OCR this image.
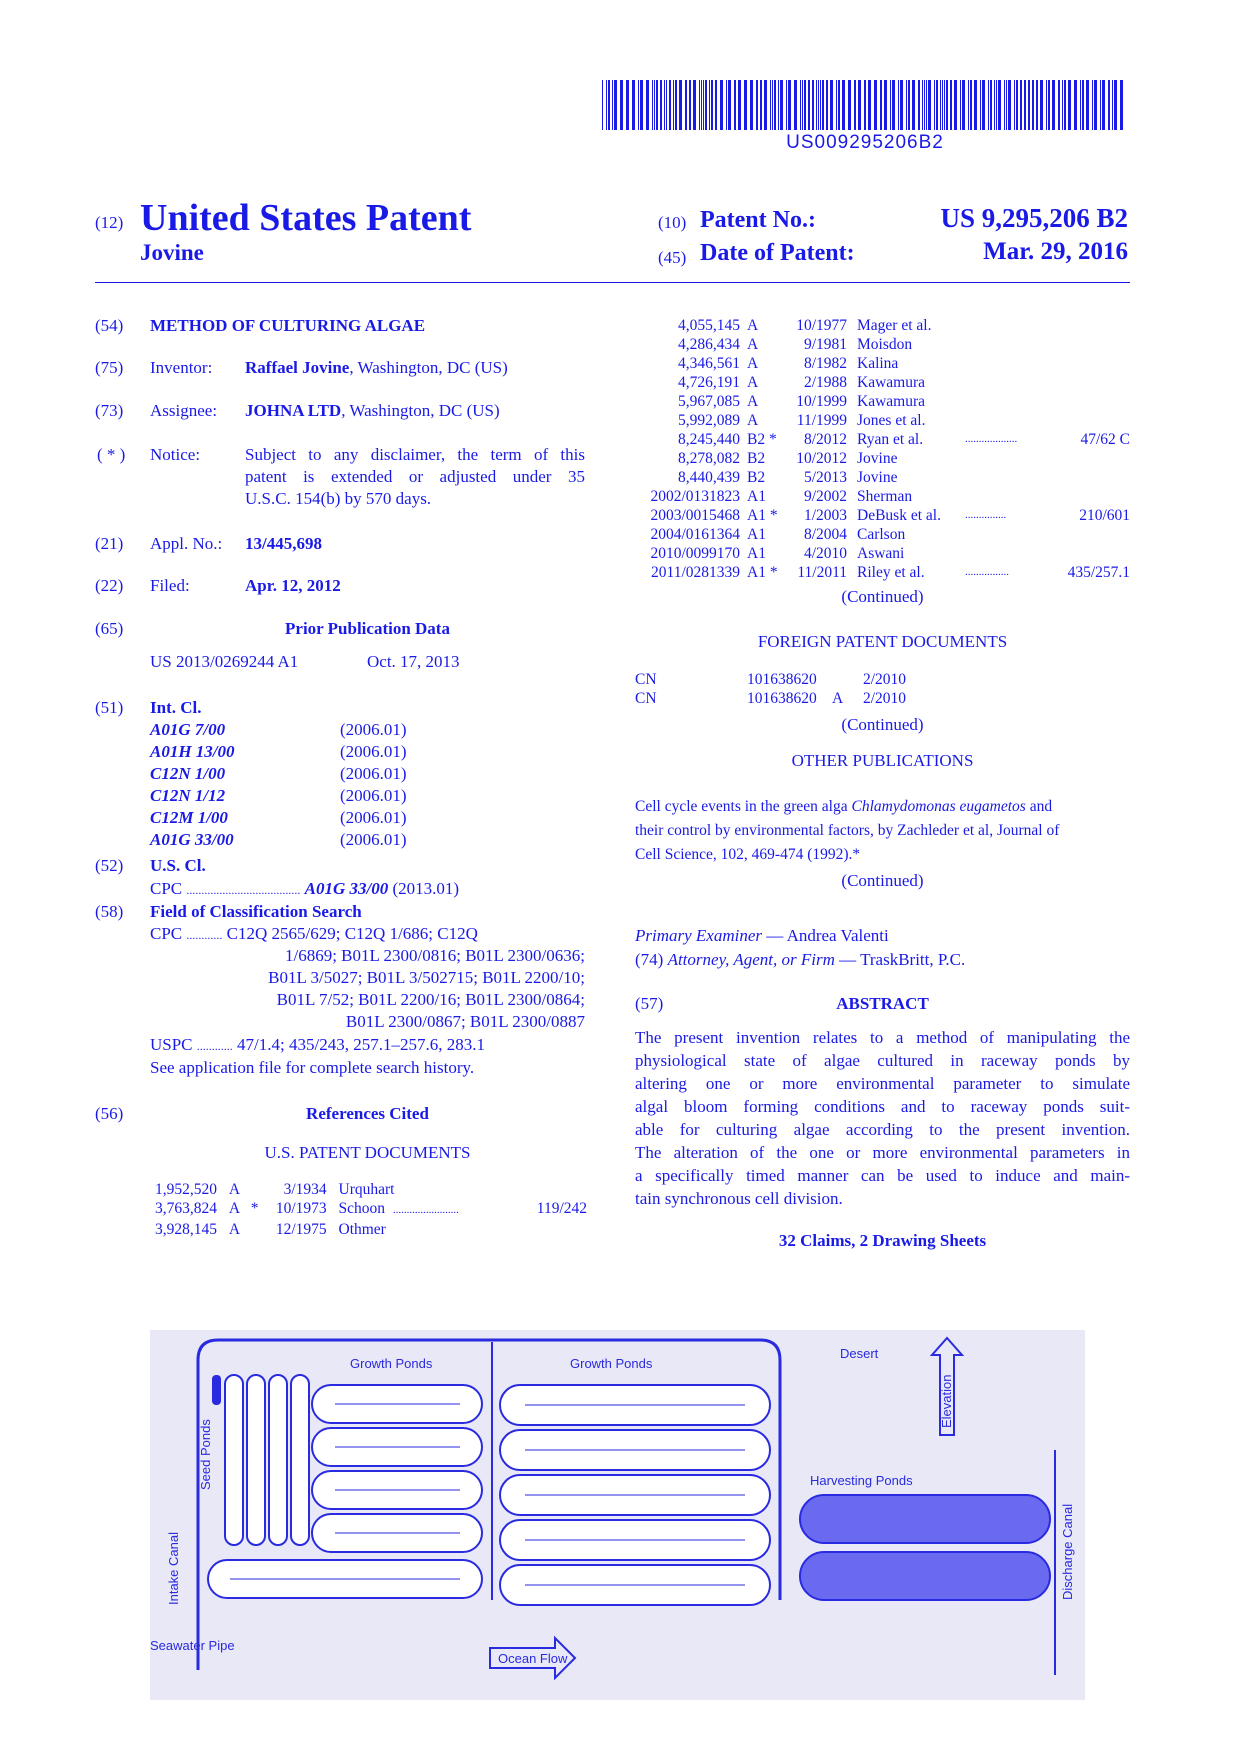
US009295206B2
(12) United States Patent
Jovine
(10) Patent No.:	US 9,295,206 B2
(45) Date of Patent:	Mar. 29, 2016
(54) METHOD OF CULTURING ALGAE
(75) Inventor: Raffael Jovine, Washington, DC (US)
(73) Assignee: JOHNA LTD, Washington, DC (US)
( * ) Notice:	Subject to any disclaimer, the term of this
patent is extended or adjusted under 35
U.S.C. 154(b) by 570 days.
(21) Appl. No.: 13/445,698
(22) Filed:	Apr. 12, 2012
(65)	Prior Publication Data
US 2013/0269244 A1	Oct. 17, 2013
(51) Int. Cl.
A01G 7/00	(2006.01)
A01H 13/00	(2006.01)
C12N 1/00	(2006.01)
C12N 1/12	(2006.01)
C12M 1/00	(2006.01)
A01G 33/00	(2006.01)
(52) U.S. Cl.
CPC ...................................... A01G 33/00 (2013.01)
(58) Field of Classification Search
CPC ............ C12Q 2565/629; C12Q 1/686; C12Q
1/6869; B01L 2300/0816; B01L 2300/0636;
B01L 3/5027; B01L 3/502715; B01L 2200/10;
B01L 7/52; B01L 2200/16; B01L 2300/0864;
B01L 2300/0867; B01L 2300/0887
USPC ............ 47/1.4; 435/243, 257.1–257.6, 283.1
See application file for complete search history.
(56)	References Cited
U.S. PATENT DOCUMENTS
1,952,520 A	3/1934 Urquhart
3,763,824 A * 10/1973 Schoon ........................	119/242
3,928,145 A 12/1975 Othmer
4,055,145 A	10/1977 Mager et al.
4,286,434 A	9/1981 Moisdon
4,346,561 A	8/1982 Kalina
4,726,191 A	2/1988 Kawamura
5,967,085 A	10/1999 Kawamura
5,992,089 A	11/1999 Jones et al.
8,245,440 B2 *	8/2012 Ryan et al.	...................	47/62 C
8,278,082 B2	10/2012 Jovine
8,440,439 B2	5/2013 Jovine
2002/0131823 A1	9/2002 Sherman
2003/0015468 A1 *	1/2003 DeBusk et al. ...............	210/601
2004/0161364 A1	8/2004 Carlson
2010/0099170 A1	4/2010 Aswani
2011/0281339 A1 *	11/2011 Riley et al.	................	435/257.1
(Continued)
FOREIGN PATENT DOCUMENTS
CN	101638620	2/2010
CN	101638620 A 2/2010
(Continued)
OTHER PUBLICATIONS
Cell cycle events in the green alga Chlamydomonas eugametos and
their control by environmental factors, by Zachleder et al, Journal of
Cell Science, 102, 469-474 (1992).*
(Continued)
Primary Examiner — Andrea Valenti
(74) Attorney, Agent, or Firm — TraskBritt, P.C.
(57)	ABSTRACT
The present invention relates to a method of manipulating the
physiological state of algae cultured in raceway ponds by
altering one or more environmental parameter to simulate
algal bloom forming conditions and to raceway ponds suit-
able for culturing algae according to the present invention.
The alteration of the one or more environmental parameters in
a specifically timed manner can be used to induce and main-
tain synchronous cell division.
32 Claims, 2 Drawing Sheets
Growth Ponds	Growth Ponds
Desert
Elevation
Seed Ponds	Harvesting Ponds
Intake Canal	Discharge Canal
Seawater Pipe
Ocean Flow
